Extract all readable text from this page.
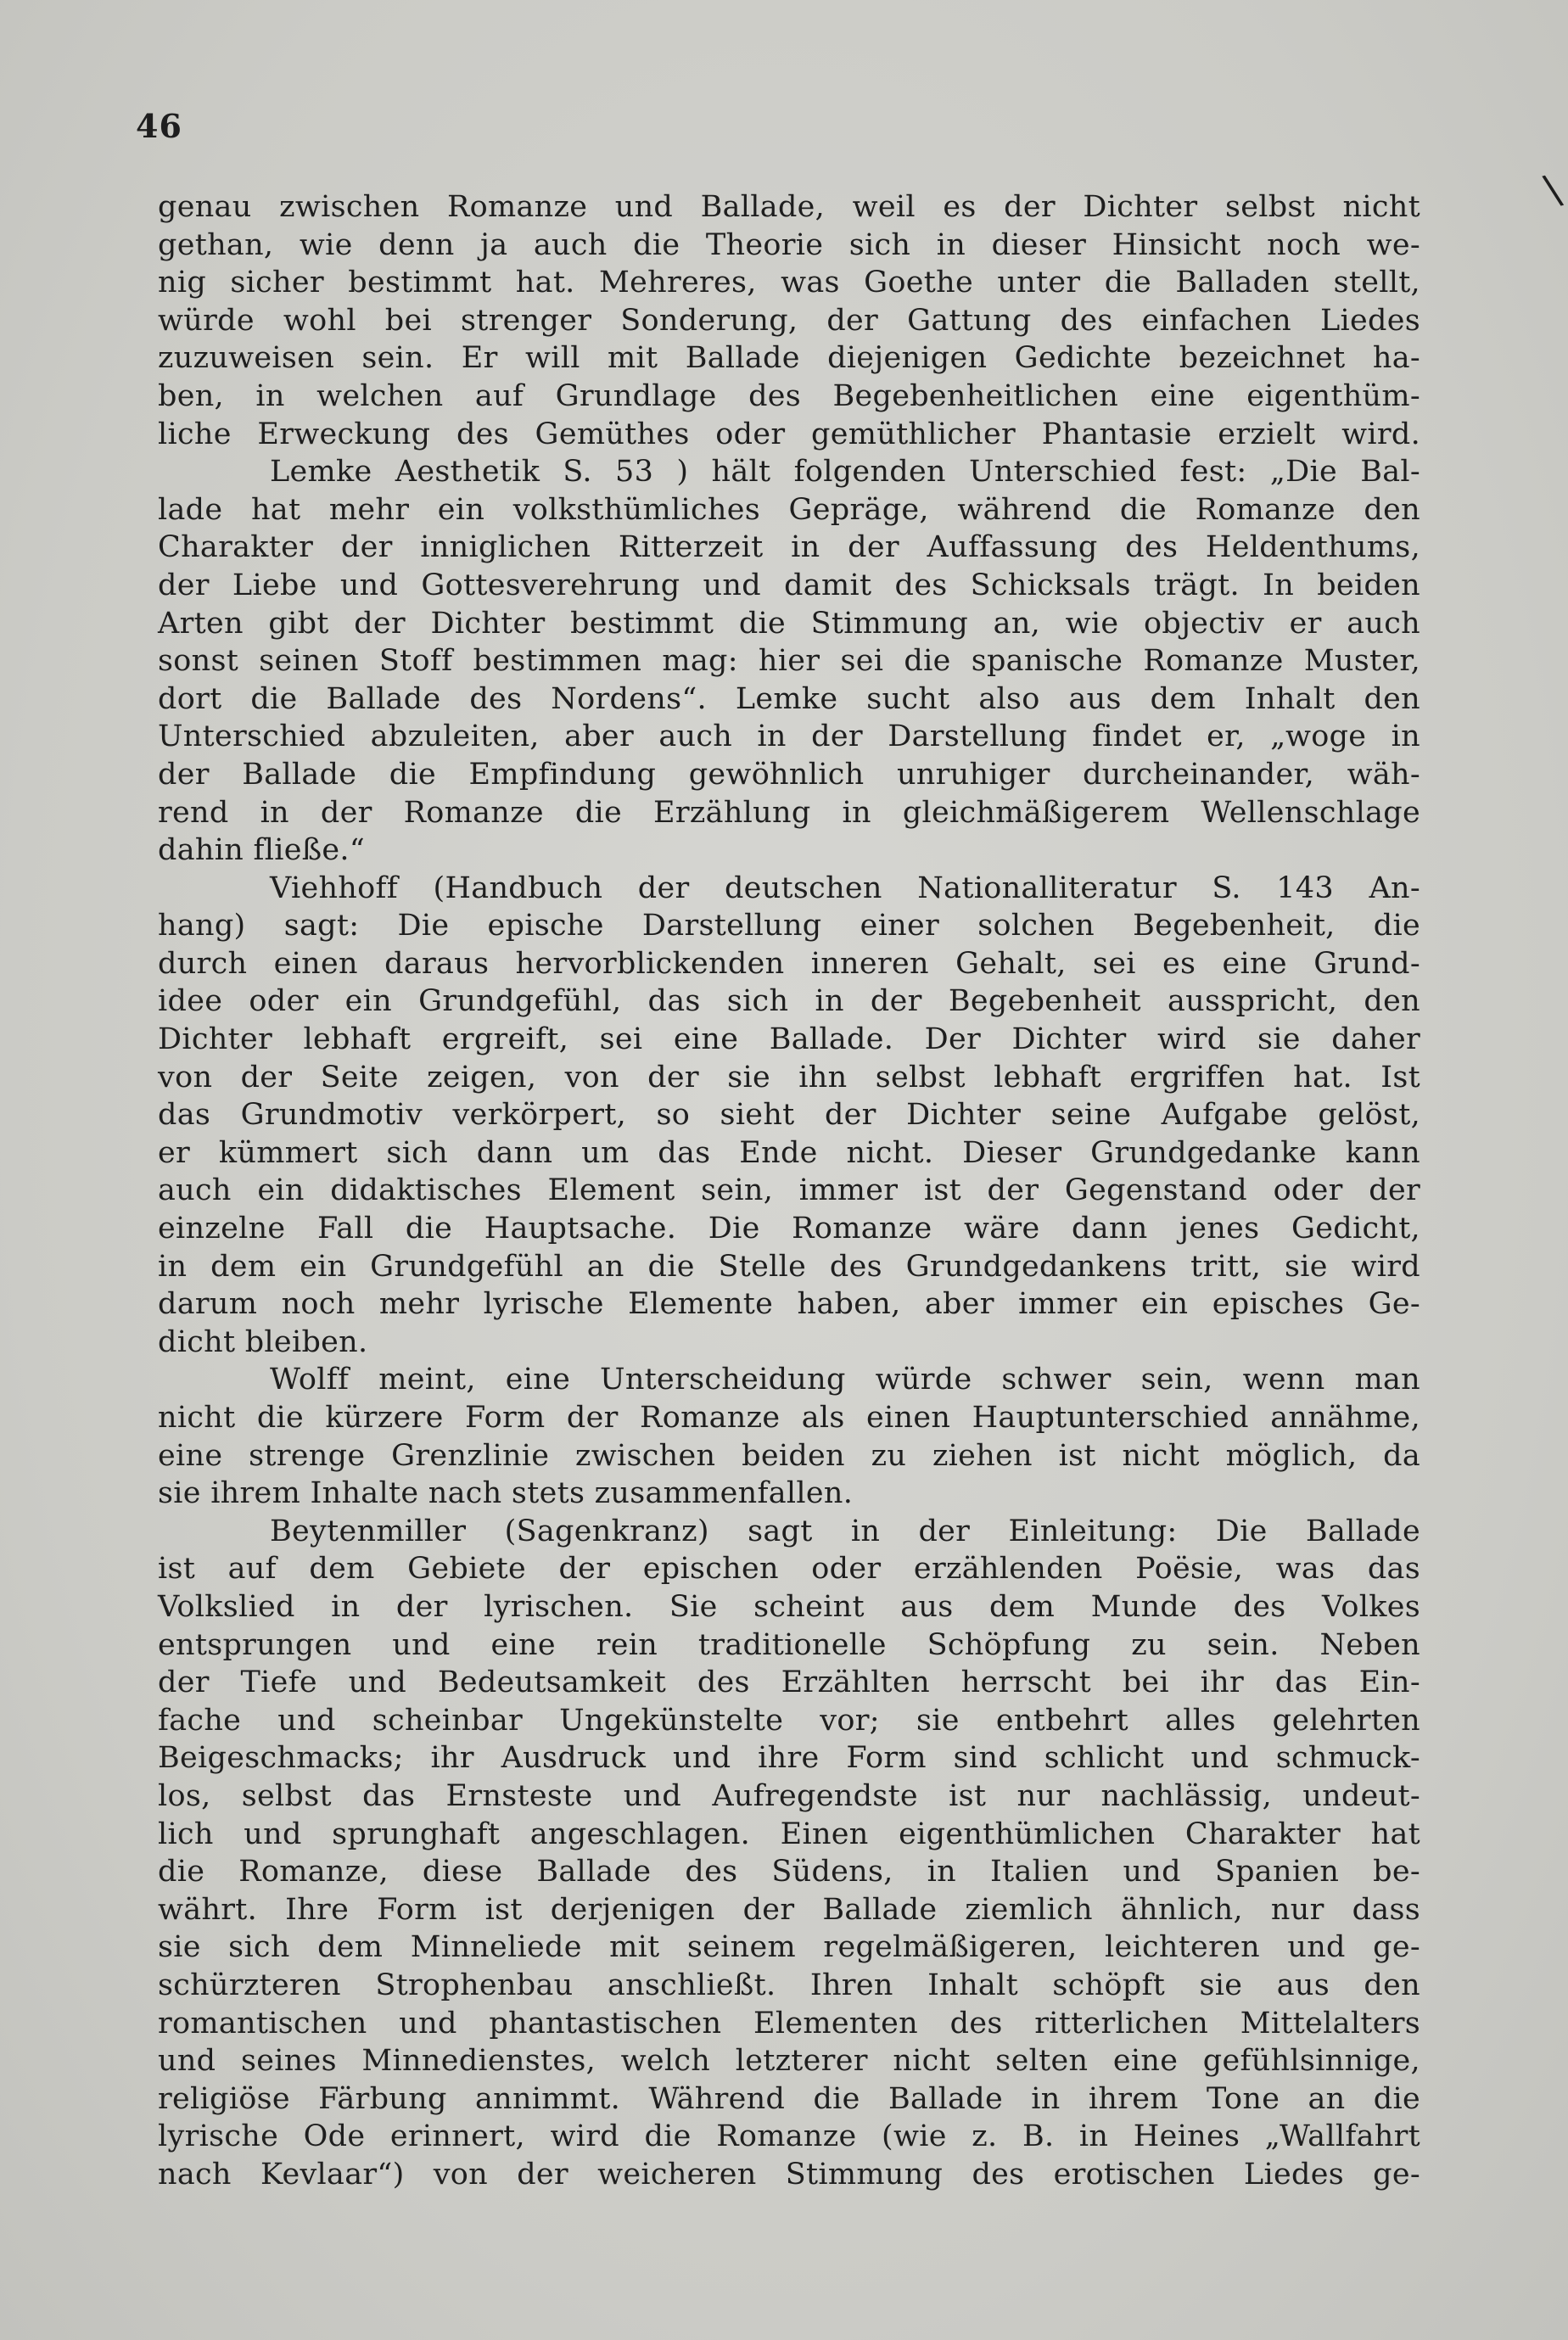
46
\
genau zwischen Romanze und Ballade, weil es der Dichter selbst nicht
gethan, wie denn ja auch die Theorie sich in dieser Hinsicht noch we-
nig sicher bestimmt hat. Mehreres, was Goethe unter die Balladen stellt,
würde wohl bei strenger Sonderung, der Gattung des einfachen Liedes
zuzuweisen sein. Er will mit Ballade diejenigen Gedichte bezeichnet ha-
ben, in welchen auf Grundlage des Begebenheitlichen eine eigenthüm-
liche Erweckung des Gemüthes oder gemüthlicher Phantasie erzielt wird.
Lemke Aesthetik S. 53 ) hält folgenden Unterschied fest: „Die Bal-
lade hat mehr ein volksthümliches Gepräge, während die Romanze den
Charakter der inniglichen Ritterzeit in der Auffassung des Heldenthums,
der Liebe und Gottesverehrung und damit des Schicksals trägt. In beiden
Arten gibt der Dichter bestimmt die Stimmung an, wie objectiv er auch
sonst seinen Stoff bestimmen mag: hier sei die spanische Romanze Muster,
dort die Ballade des Nordens“. Lemke sucht also aus dem Inhalt den
Unterschied abzuleiten, aber auch in der Darstellung findet er, „woge in
der Ballade die Empfindung gewöhnlich unruhiger durcheinander, wäh-
rend in der Romanze die Erzählung in gleichmäßigerem Wellenschlage
dahin fließe.“
Viehhoff (Handbuch der deutschen Nationalliteratur S. 143 An-
hang) sagt: Die epische Darstellung einer solchen Begebenheit, die
durch einen daraus hervorblickenden inneren Gehalt, sei es eine Grund-
idee oder ein Grundgefühl, das sich in der Begebenheit ausspricht, den
Dichter lebhaft ergreift, sei eine Ballade. Der Dichter wird sie daher
von der Seite zeigen, von der sie ihn selbst lebhaft ergriffen hat. Ist
das Grundmotiv verkörpert, so sieht der Dichter seine Aufgabe gelöst,
er kümmert sich dann um das Ende nicht. Dieser Grundgedanke kann
auch ein didaktisches Element sein, immer ist der Gegenstand oder der
einzelne Fall die Hauptsache. Die Romanze wäre dann jenes Gedicht,
in dem ein Grundgefühl an die Stelle des Grundgedankens tritt, sie wird
darum noch mehr lyrische Elemente haben, aber immer ein episches Ge-
dicht bleiben.
Wolff meint, eine Unterscheidung würde schwer sein, wenn man
nicht die kürzere Form der Romanze als einen Hauptunterschied annähme,
eine strenge Grenzlinie zwischen beiden zu ziehen ist nicht möglich, da
sie ihrem Inhalte nach stets zusammenfallen.
Beytenmiller (Sagenkranz) sagt in der Einleitung: Die Ballade
ist auf dem Gebiete der epischen oder erzählenden Poësie, was das
Volkslied in der lyrischen. Sie scheint aus dem Munde des Volkes
entsprungen und eine rein traditionelle Schöpfung zu sein. Neben
der Tiefe und Bedeutsamkeit des Erzählten herrscht bei ihr das Ein-
fache und scheinbar Ungekünstelte vor; sie entbehrt alles gelehrten
Beigeschmacks; ihr Ausdruck und ihre Form sind schlicht und schmuck-
los, selbst das Ernsteste und Aufregendste ist nur nachlässig, undeut-
lich und sprunghaft angeschlagen. Einen eigenthümlichen Charakter hat
die Romanze, diese Ballade des Südens, in Italien und Spanien be-
währt. Ihre Form ist derjenigen der Ballade ziemlich ähnlich, nur dass
sie sich dem Minneliede mit seinem regelmäßigeren, leichteren und ge-
schürzteren Strophenbau anschließt. Ihren Inhalt schöpft sie aus den
romantischen und phantastischen Elementen des ritterlichen Mittelalters
und seines Minnedienstes, welch letzterer nicht selten eine gefühlsinnige,
religiöse Färbung annimmt. Während die Ballade in ihrem Tone an die
lyrische Ode erinnert, wird die Romanze (wie z. B. in Heines „Wallfahrt
nach Kevlaar“) von der weicheren Stimmung des erotischen Liedes ge-
